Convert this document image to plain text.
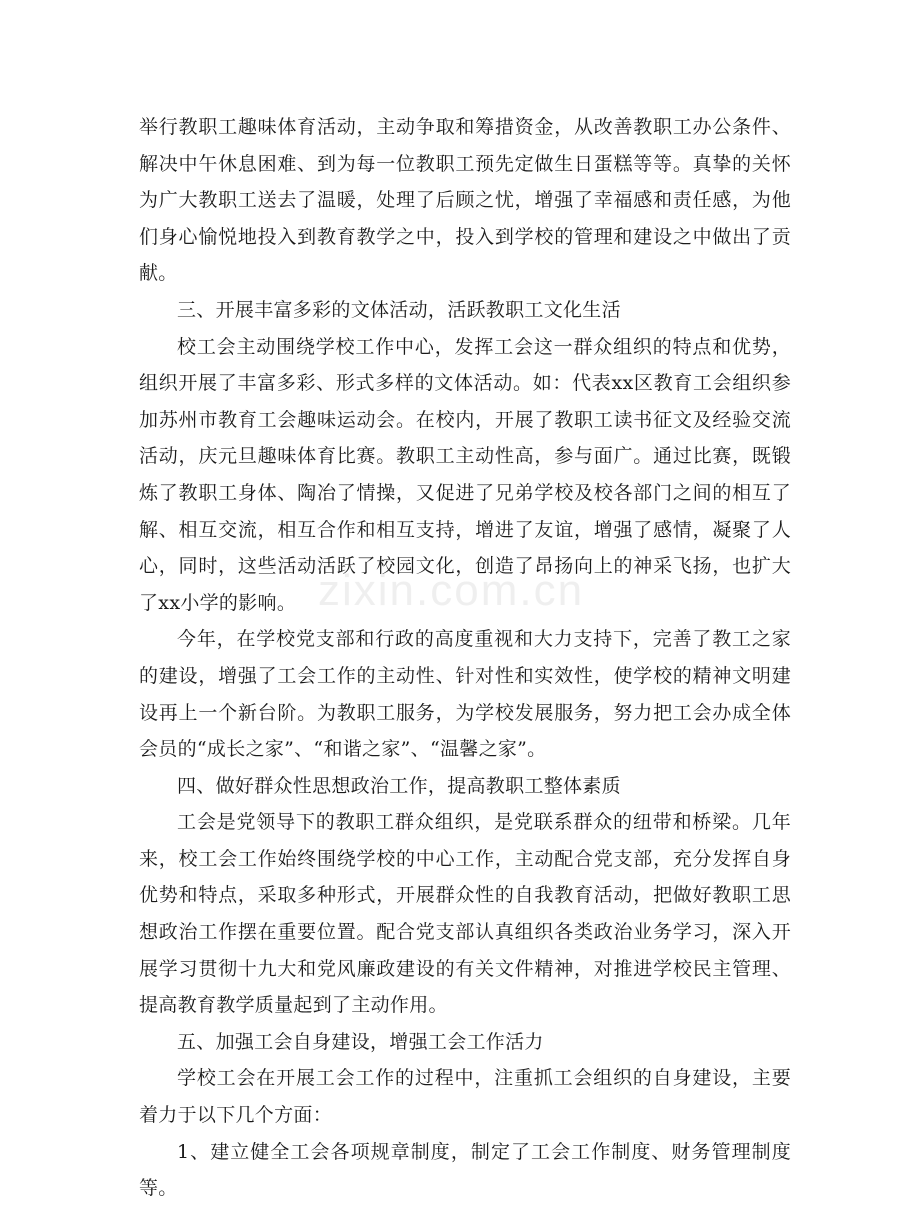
举行教职工趣味体育活动，主动争取和筹措资金，从改善教职工办公条件、解决中午休息困难、到为每一位教职工预先定做生日蛋糕等等。真挚的关怀为广大教职工送去了温暖，处理了后顾之忧，增强了幸福感和责任感，为他们身心愉悦地投入到教育教学之中，投入到学校的管理和建设之中做出了贡献。

三、开展丰富多彩的文体活动，活跃教职工文化生活

校工会主动围绕学校工作中心，发挥工会这一群众组织的特点和优势，组织开展了丰富多彩、形式多样的文体活动。如：代表xx区教育工会组织参加苏州市教育工会趣味运动会。在校内，开展了教职工读书征文及经验交流活动，庆元旦趣味体育比赛。教职工主动性高，参与面广。通过比赛，既锻炼了教职工身体、陶冶了情操，又促进了兄弟学校及校各部门之间的相互了解、相互交流，相互合作和相互支持，增进了友谊，增强了感情，凝聚了人心，同时，这些活动活跃了校园文化，创造了昂扬向上的神采飞扬，也扩大了xx小学的影响。

今年，在学校党支部和行政的高度重视和大力支持下，完善了教工之家的建设，增强了工会工作的主动性、针对性和实效性，使学校的精神文明建设再上一个新台阶。为教职工服务，为学校发展服务，努力把工会办成全体会员的“成长之家”、“和谐之家”、“温馨之家”。

四、做好群众性思想政治工作，提高教职工整体素质

工会是党领导下的教职工群众组织，是党联系群众的纽带和桥梁。几年来，校工会工作始终围绕学校的中心工作，主动配合党支部，充分发挥自身优势和特点，采取多种形式，开展群众性的自我教育活动，把做好教职工思想政治工作摆在重要位置。配合党支部认真组织各类政治业务学习，深入开展学习贯彻十九大和党风廉政建设的有关文件精神，对推进学校民主管理、提高教育教学质量起到了主动作用。

五、加强工会自身建设，增强工会工作活力

学校工会在开展工会工作的过程中，注重抓工会组织的自身建设，主要着力于以下几个方面：

1、建立健全工会各项规章制度，制定了工会工作制度、财务管理制度等。

zixin.com.cn
